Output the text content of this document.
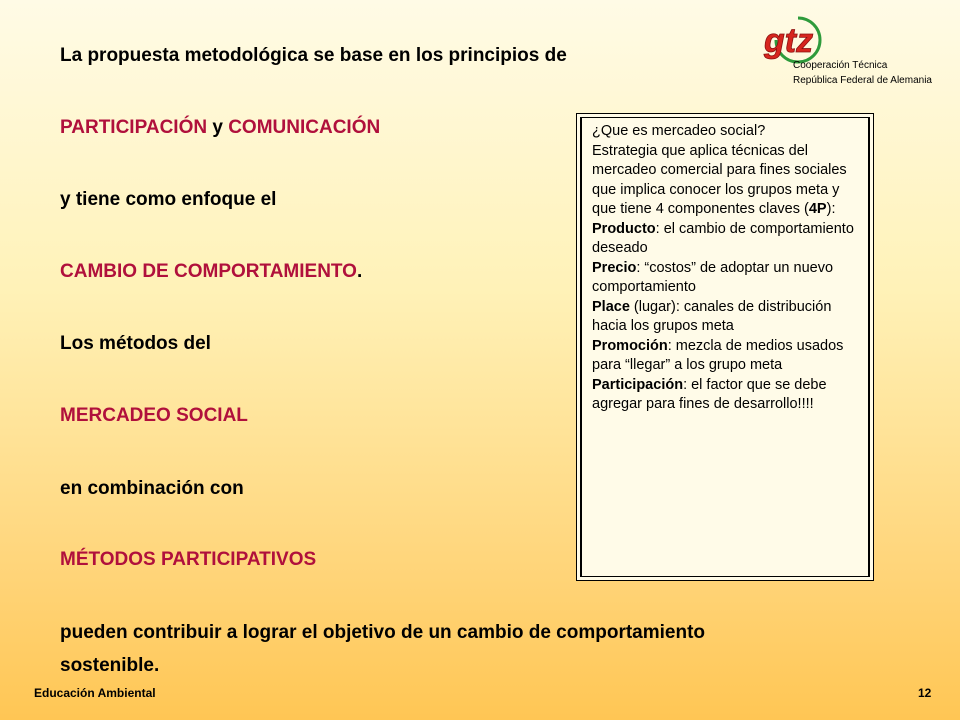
gtz
Cooperación Técnica
República Federal de Alemania
La propuesta metodológica se base en los principios de
PARTICIPACIÓN y COMUNICACIÓN
y tiene como enfoque el
CAMBIO DE COMPORTAMIENTO.
Los métodos del
MERCADEO SOCIAL
en combinación con
MÉTODOS PARTICIPATIVOS
pueden contribuir a lograr el objetivo de un cambio de comportamiento
sostenible.

¿Que es mercadeo social?

Estrategia que aplica técnicas del mercadeo comercial para fines sociales que implica conocer los grupos meta y que tiene 4 componentes claves (4P):

Producto: el cambio de comportamiento deseado

Precio: “costos” de adoptar un nuevo comportamiento

Place (lugar): canales de distribución hacia los grupos meta

Promoción: mezcla de medios usados para “llegar” a los grupo meta

Participación: el factor que se debe agregar para fines de desarrollo!!!!

Educación Ambiental	12
